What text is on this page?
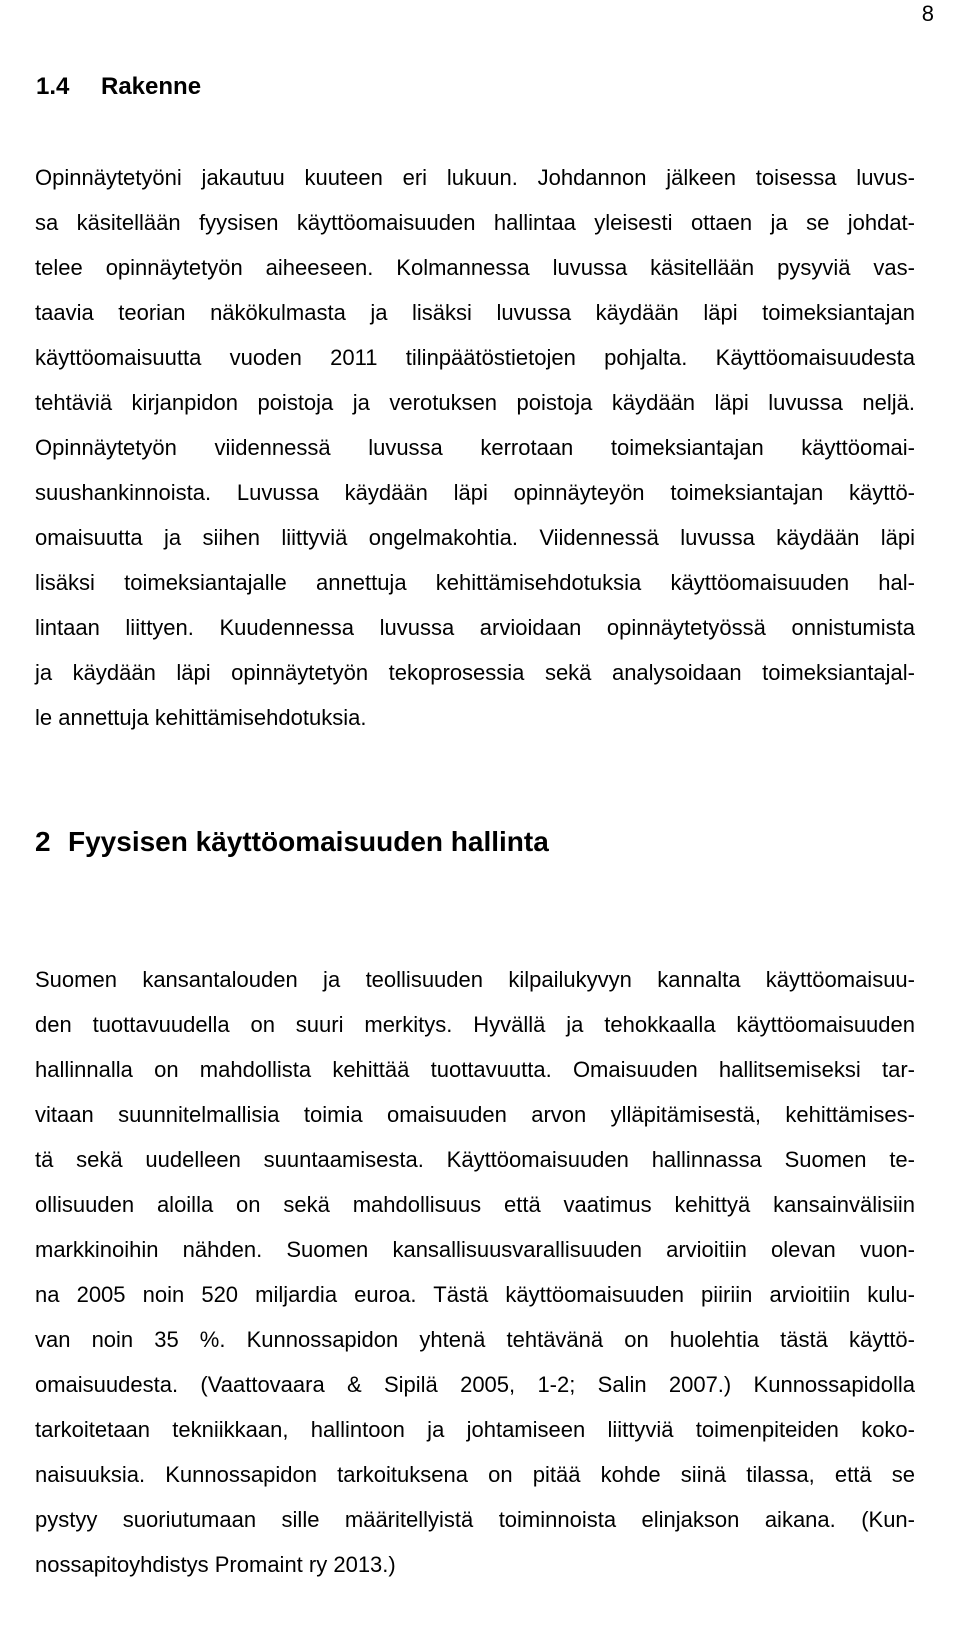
8
1.4 Rakenne
Opinnäytetyöni jakautuu kuuteen eri lukuun. Johdannon jälkeen toisessa luvus-
sa käsitellään fyysisen käyttöomaisuuden hallintaa yleisesti ottaen ja se johdat-
telee opinnäytetyön aiheeseen. Kolmannessa luvussa käsitellään pysyviä vas-
taavia teorian näkökulmasta ja lisäksi luvussa käydään läpi toimeksiantajan
käyttöomaisuutta vuoden 2011 tilinpäätöstietojen pohjalta. Käyttöomaisuudesta
tehtäviä kirjanpidon poistoja ja verotuksen poistoja käydään läpi luvussa neljä.
Opinnäytetyön viidennessä luvussa kerrotaan toimeksiantajan käyttöomai-
suushankinnoista. Luvussa käydään läpi opinnäyteyön toimeksiantajan käyttö-
omaisuutta ja siihen liittyviä ongelmakohtia. Viidennessä luvussa käydään läpi
lisäksi toimeksiantajalle annettuja kehittämisehdotuksia käyttöomaisuuden hal-
lintaan liittyen. Kuudennessa luvussa arvioidaan opinnäytetyössä onnistumista
ja käydään läpi opinnäytetyön tekoprosessia sekä analysoidaan toimeksiantajal-
le annettuja kehittämisehdotuksia.
2 Fyysisen käyttöomaisuuden hallinta
Suomen kansantalouden ja teollisuuden kilpailukyvyn kannalta käyttöomaisuu-
den tuottavuudella on suuri merkitys. Hyvällä ja tehokkaalla käyttöomaisuuden
hallinnalla on mahdollista kehittää tuottavuutta. Omaisuuden hallitsemiseksi tar-
vitaan suunnitelmallisia toimia omaisuuden arvon ylläpitämisestä, kehittämises-
tä sekä uudelleen suuntaamisesta. Käyttöomaisuuden hallinnassa Suomen te-
ollisuuden aloilla on sekä mahdollisuus että vaatimus kehittyä kansainvälisiin
markkinoihin nähden. Suomen kansallisuusvarallisuuden arvioitiin olevan vuon-
na 2005 noin 520 miljardia euroa. Tästä käyttöomaisuuden piiriin arvioitiin kulu-
van noin 35 %. Kunnossapidon yhtenä tehtävänä on huolehtia tästä käyttö-
omaisuudesta. (Vaattovaara & Sipilä 2005, 1-2; Salin 2007.) Kunnossapidolla
tarkoitetaan tekniikkaan, hallintoon ja johtamiseen liittyviä toimenpiteiden koko-
naisuuksia. Kunnossapidon tarkoituksena on pitää kohde siinä tilassa, että se
pystyy suoriutumaan sille määritellyistä toiminnoista elinjakson aikana. (Kun-
nossapitoyhdistys Promaint ry 2013.)
